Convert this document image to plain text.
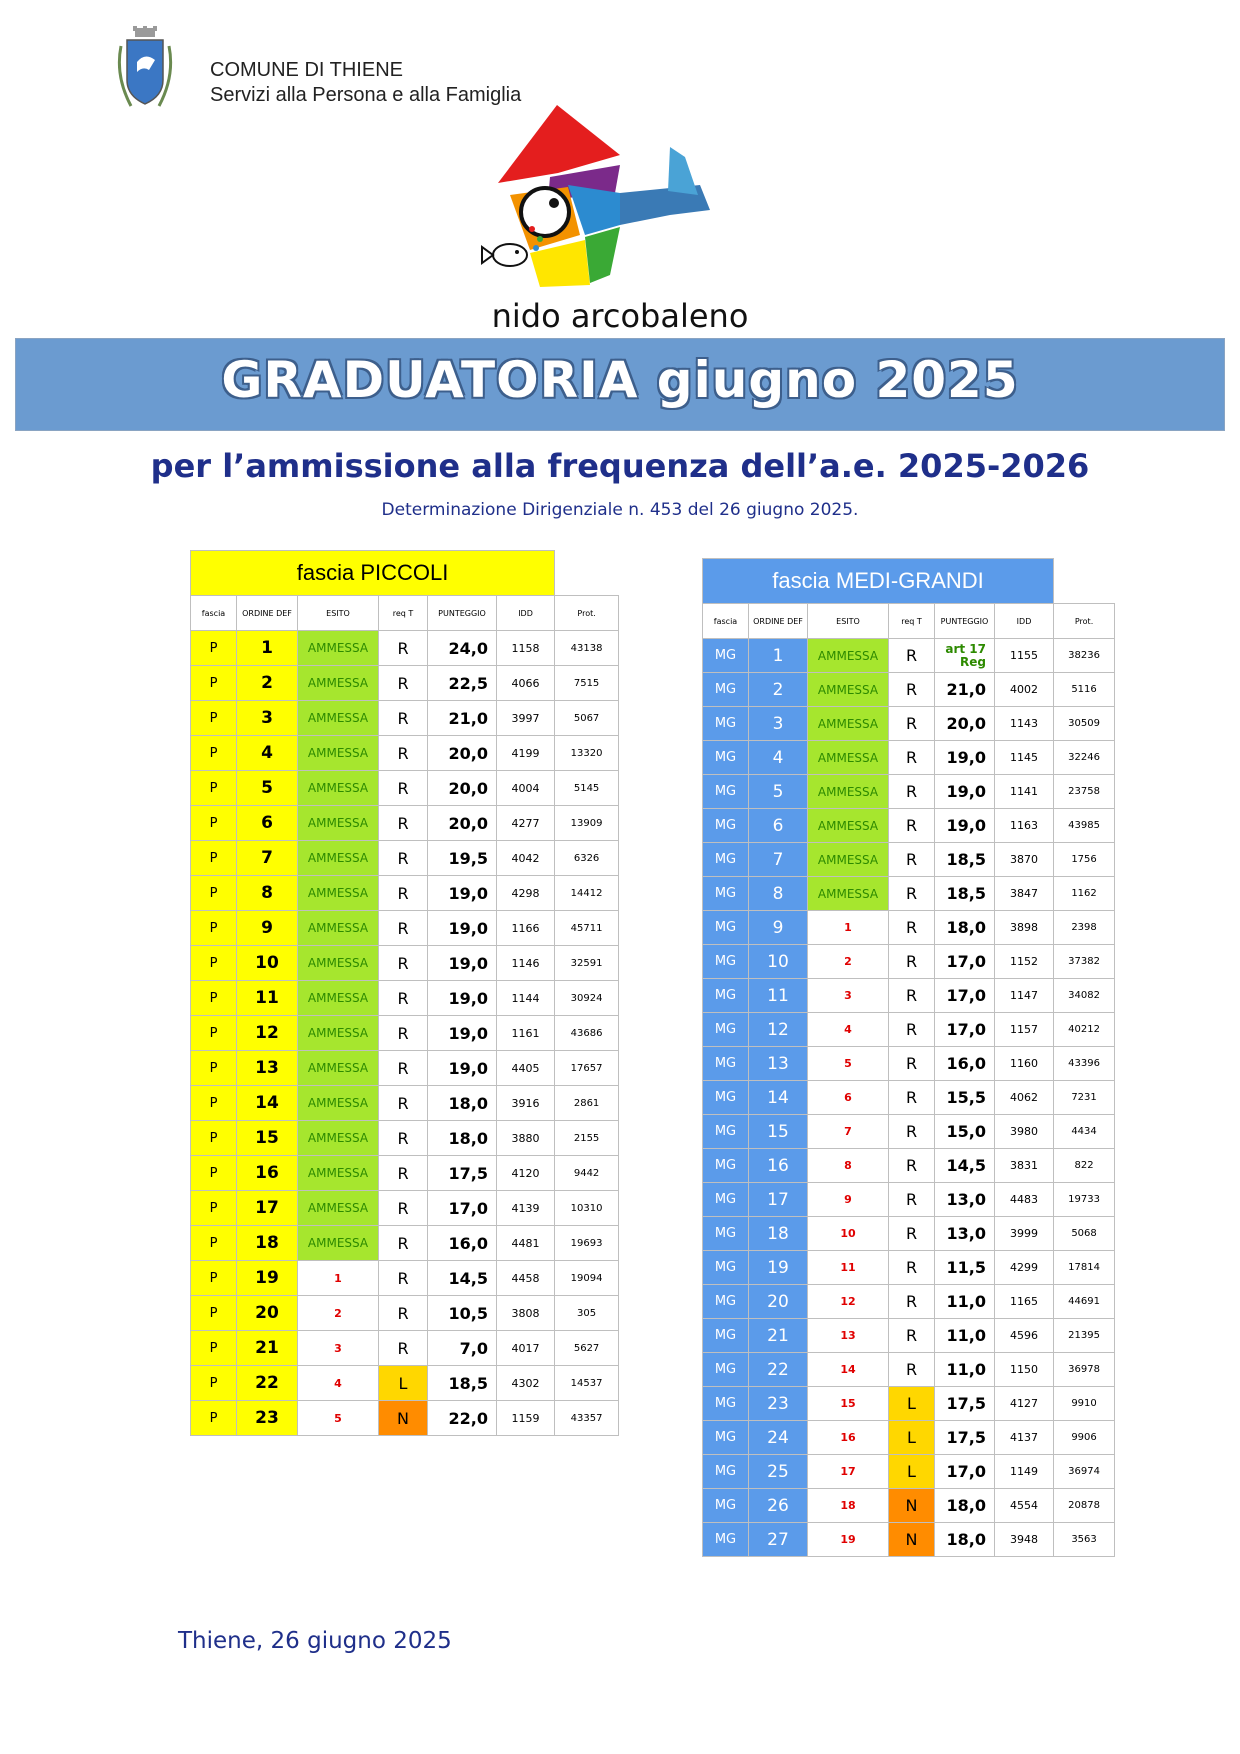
COMUNE DI THIENE
Servizi alla Persona e alla Famiglia
nido arcobaleno
GRADUATORIA giugno 2025
per l’ammissione alla frequenza dell’a.e. 2025-2026
Determinazione Dirigenziale n. 453 del 26 giugno 2025.
fascia PICCOLI						
fascia	ORDINE DEF	ESITO	req T	PUNTEGGIO	IDD	Prot.
P	1	AMMESSA	R	24,0	1158	43138
P	2	AMMESSA	R	22,5	4066	7515
P	3	AMMESSA	R	21,0	3997	5067
P	4	AMMESSA	R	20,0	4199	13320
P	5	AMMESSA	R	20,0	4004	5145
P	6	AMMESSA	R	20,0	4277	13909
P	7	AMMESSA	R	19,5	4042	6326
P	8	AMMESSA	R	19,0	4298	14412
P	9	AMMESSA	R	19,0	1166	45711
P	10	AMMESSA	R	19,0	1146	32591
P	11	AMMESSA	R	19,0	1144	30924
P	12	AMMESSA	R	19,0	1161	43686
P	13	AMMESSA	R	19,0	4405	17657
P	14	AMMESSA	R	18,0	3916	2861
P	15	AMMESSA	R	18,0	3880	2155
P	16	AMMESSA	R	17,5	4120	9442
P	17	AMMESSA	R	17,0	4139	10310
P	18	AMMESSA	R	16,0	4481	19693
P	19	1	R	14,5	4458	19094
P	20	2	R	10,5	3808	305
P	21	3	R	7,0	4017	5627
P	22	4	L	18,5	4302	14537
P	23	5	N	22,0	1159	43357
fascia MEDI-GRANDI						
fascia	ORDINE DEF	ESITO	req T	PUNTEGGIO	IDD	Prot.
MG	1	AMMESSA	R	art 17 Reg	1155	38236
MG	2	AMMESSA	R	21,0	4002	5116
MG	3	AMMESSA	R	20,0	1143	30509
MG	4	AMMESSA	R	19,0	1145	32246
MG	5	AMMESSA	R	19,0	1141	23758
MG	6	AMMESSA	R	19,0	1163	43985
MG	7	AMMESSA	R	18,5	3870	1756
MG	8	AMMESSA	R	18,5	3847	1162
MG	9	1	R	18,0	3898	2398
MG	10	2	R	17,0	1152	37382
MG	11	3	R	17,0	1147	34082
MG	12	4	R	17,0	1157	40212
MG	13	5	R	16,0	1160	43396
MG	14	6	R	15,5	4062	7231
MG	15	7	R	15,0	3980	4434
MG	16	8	R	14,5	3831	822
MG	17	9	R	13,0	4483	19733
MG	18	10	R	13,0	3999	5068
MG	19	11	R	11,5	4299	17814
MG	20	12	R	11,0	1165	44691
MG	21	13	R	11,0	4596	21395
MG	22	14	R	11,0	1150	36978
MG	23	15	L	17,5	4127	9910
MG	24	16	L	17,5	4137	9906
MG	25	17	L	17,0	1149	36974
MG	26	18	N	18,0	4554	20878
MG	27	19	N	18,0	3948	3563
Thiene, 26 giugno 2025
